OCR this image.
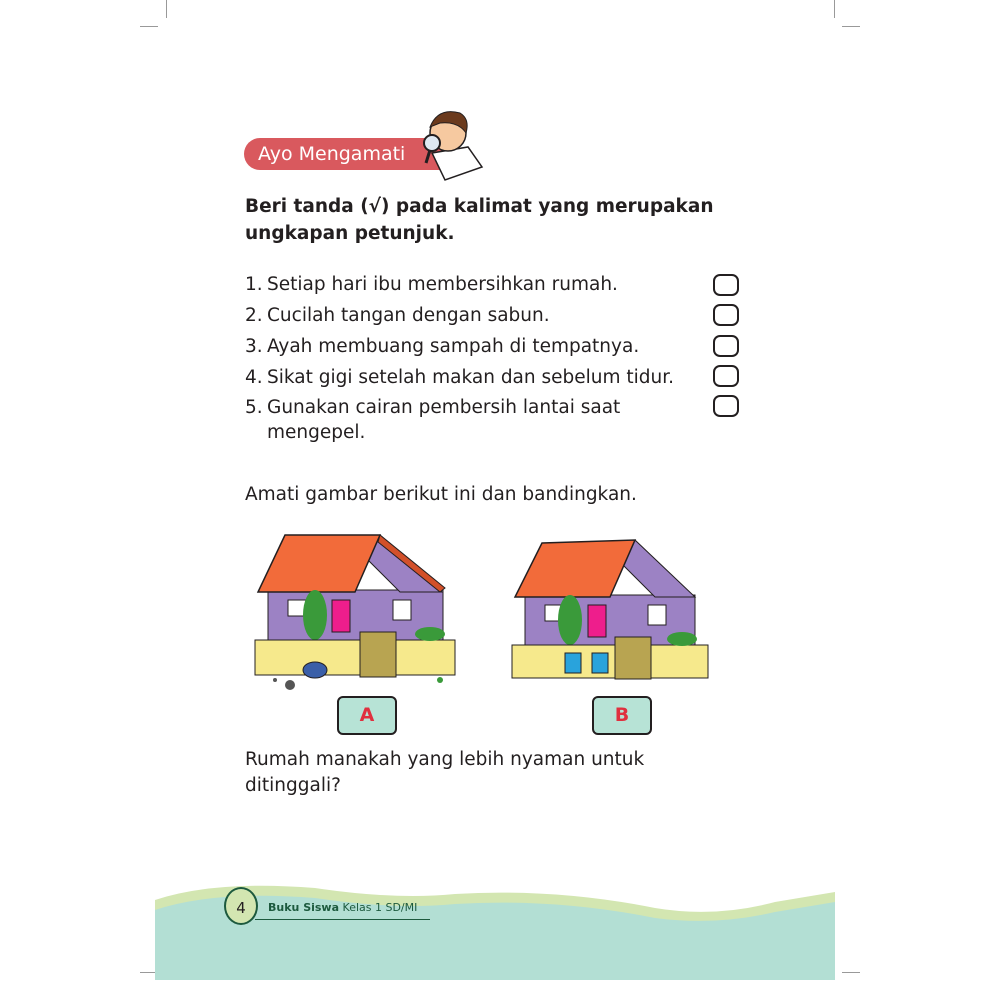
Ayo Mengamati
Beri tanda (√) pada kalimat yang merupakan ungkapan petunjuk.
1. Setiap hari ibu membersihkan rumah.
2. Cucilah tangan dengan sabun.
3. Ayah membuang sampah di tempatnya.
4. Sikat gigi setelah makan dan sebelum tidur.
5. Gunakan cairan pembersih lantai saat mengepel.
Amati gambar berikut ini dan bandingkan.
A	B
Rumah manakah yang lebih nyaman untuk ditinggali?
4	Buku Siswa Kelas 1 SD/MI
